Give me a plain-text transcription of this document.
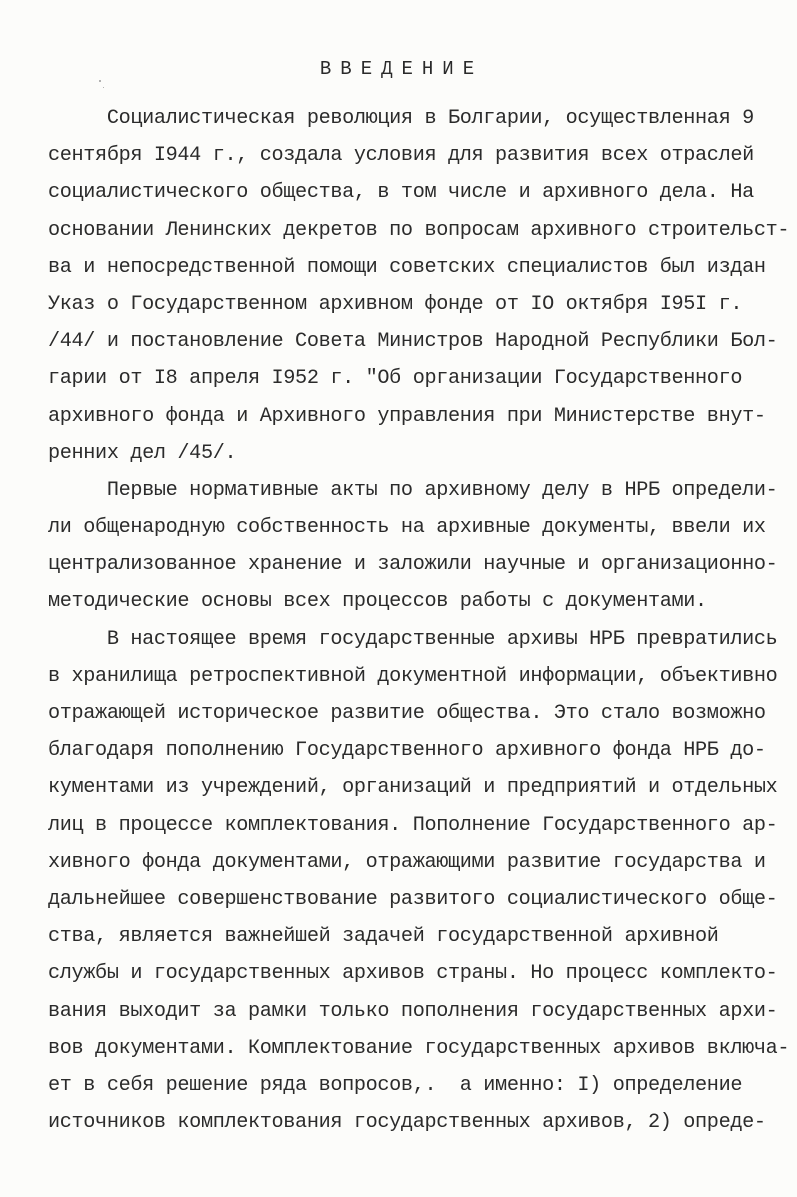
ВВЕДЕНИЕ
Социалистическая революция в Болгарии, осуществленная 9
сентября I944 г., создала условия для развития всех отраслей
социалистического общества, в том числе и архивного дела. На
основании Ленинских декретов по вопросам архивного строительст-
ва и непосредственной помощи советских специалистов был издан
Указ о Государственном архивном фонде от IO октября I95I г.
/44/ и постановление Совета Министров Народной Республики Бол-
гарии от I8 апреля I952 г. "Об организации Государственного
архивного фонда и Архивного управления при Министерстве внут-
ренних дел /45/.
Первые нормативные акты по архивному делу в НРБ определи-
ли общенародную собственность на архивные документы, ввели их
централизованное хранение и заложили научные и организационно-
методические основы всех процессов работы с документами.
В настоящее время государственные архивы НРБ превратились
в хранилища ретроспективной документной информации, объективно
отражающей историческое развитие общества. Это стало возможно
благодаря пополнению Государственного архивного фонда НРБ до-
кументами из учреждений, организаций и предприятий и отдельных
лиц в процессе комплектования. Пополнение Государственного ар-
хивного фонда документами, отражающими развитие государства и
дальнейшее совершенствование развитого социалистического обще-
ства, является важнейшей задачей государственной архивной
службы и государственных архивов страны. Но процесс комплекто-
вания выходит за рамки только пополнения государственных архи-
вов документами. Комплектование государственных архивов включа-
ет в себя решение ряда вопросов,.  а именно: I) определение
источников комплектования государственных архивов, 2) опреде-
